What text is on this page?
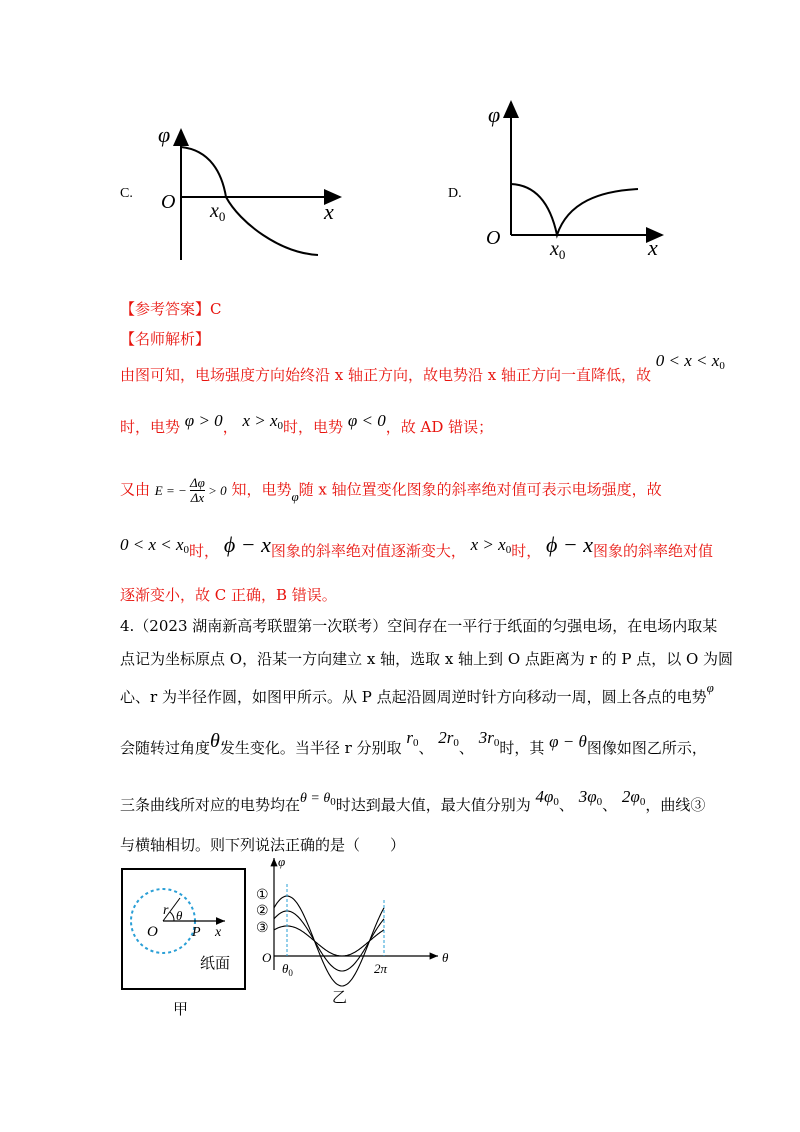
C.
φ
O $x_0$	x
D.
φ
O $x_0$	x
【参考答案】C
【名师解析】
由图可知，电场强度方向始终沿 x 轴正方向，故电势沿 x 轴正方向一直降低，故 $0 < x < x_0$
时，电势 φ > 0， $x > x_0$时，电势 φ < 0，故 AD 错误；
又由 E = − $\frac{\Delta\varphi}{\Delta x} > 0$ 知，电势φ随 x 轴位置变化图象的斜率绝对值可表示电场强度，故
$0 < x < x_0$时， ϕ − x图象的斜率绝对值逐渐变大， $x > x_0$时， ϕ − x图象的斜率绝对值
逐渐变小，故 C 正确，B 错误。
4.（2023 湖南新高考联盟第一次联考）空间存在一平行于纸面的匀强电场，在电场内取某
点记为坐标原点 O，沿某一方向建立 x 轴，选取 x 轴上到 O 点距离为 r 的 P 点，以 O 为圆
心、r 为半径作圆，如图甲所示。从 P 点起沿圆周逆时针方向移动一周，圆上各点的电势φ
会随转过角度θ发生变化。当半径 r 分别取 $r_0$、 $2r_0$、 $3r_0$时，其 φ − θ图像如图乙所示，
三条曲线所对应的电势均在$\theta = \theta_0$时达到最大值，最大值分别为 $4\varphi_0$、 $3\varphi_0$、 $2\varphi_0$，曲线③
与横轴相切。则下列说法正确的是（　　）
O
r θ
P x
纸面
甲
φ
θ
O
$\theta_0$	2π
①
②
③
乙
